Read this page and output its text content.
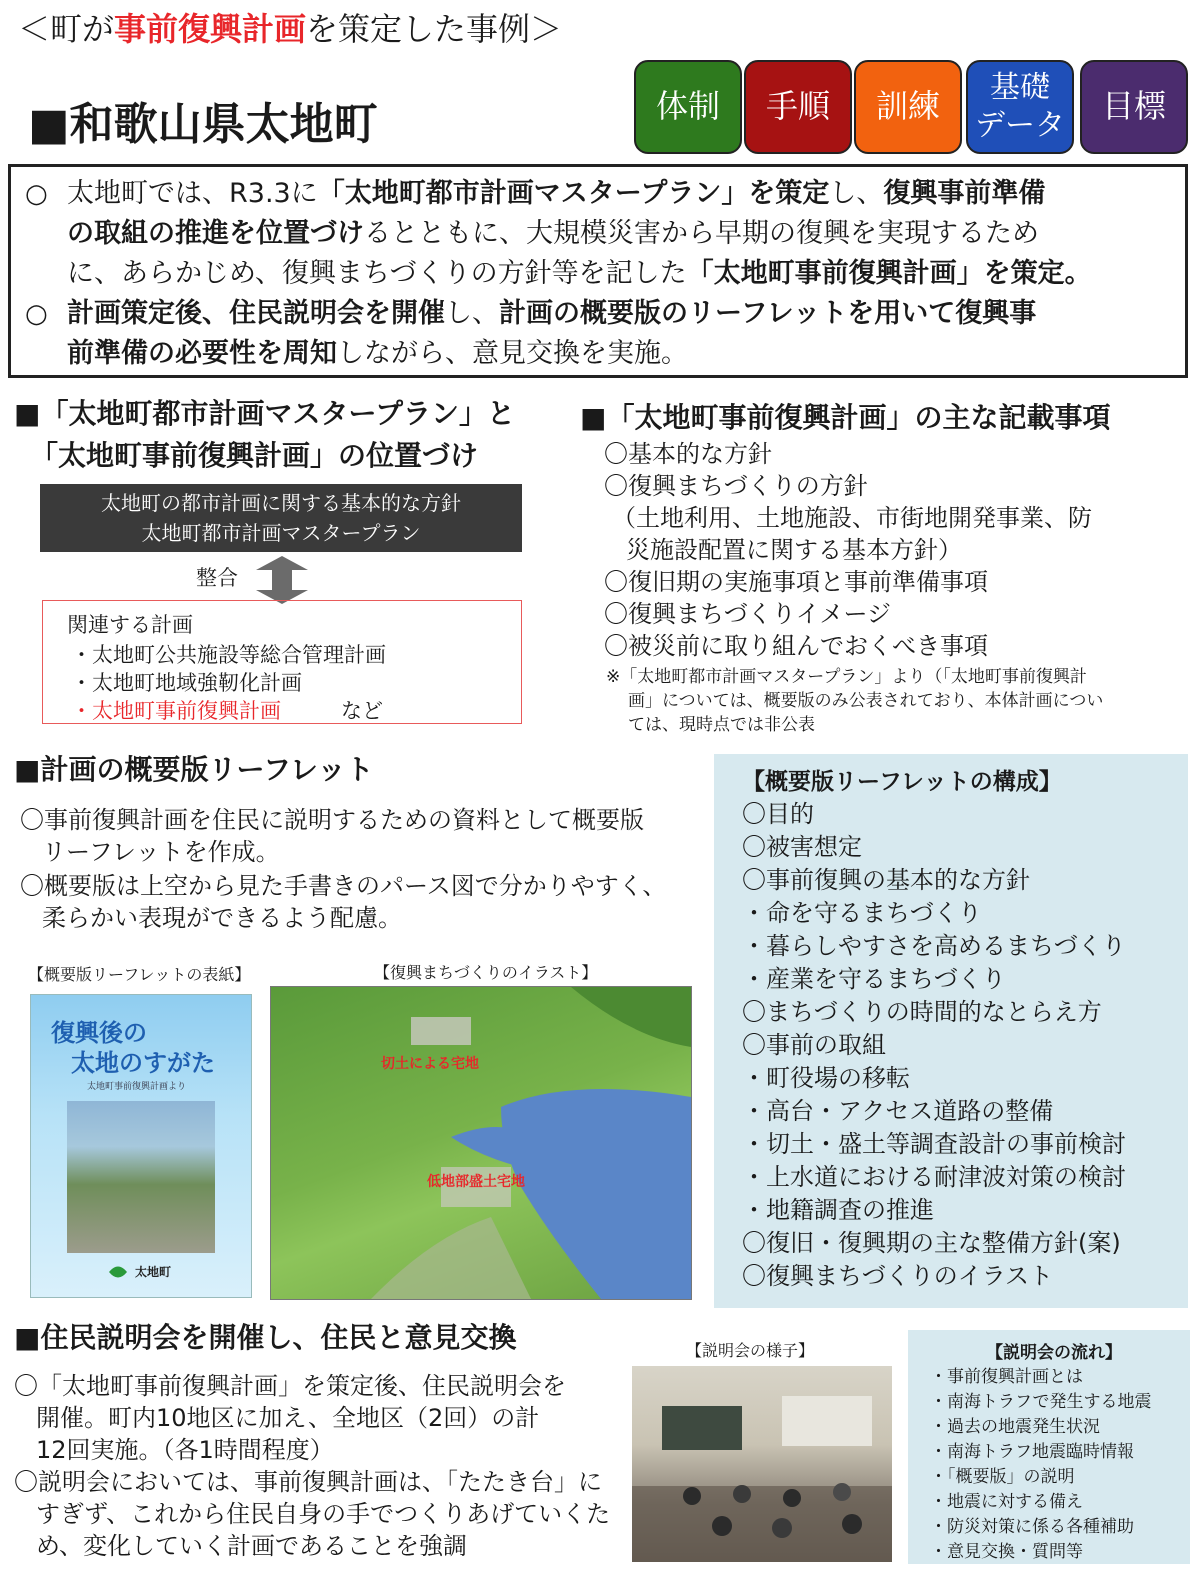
＜町が事前復興計画を策定した事例＞
■和歌山県太地町	体制	手順	訓練	基礎
データ
目標
○ 太地町では、R3.3に「太地町都市計画マスタープラン」を策定し、復興事前準備
の取組の推進を位置づけるとともに、大規模災害から早期の復興を実現するため
に、あらかじめ、復興まちづくりの方針等を記した「太地町事前復興計画」を策定。
○ 計画策定後、住民説明会を開催し、計画の概要版のリーフレットを用いて復興事
前準備の必要性を周知しながら、意見交換を実施。
■「太地町都市計画マスタープラン」と
「太地町事前復興計画」の位置づけ
太地町の都市計画に関する基本的な方針
太地町都市計画マスタープラン
整合
関連する計画
・太地町公共施設等総合管理計画
・太地町地域強靭化計画
・太地町事前復興計画	など
■「太地町事前復興計画」の主な記載事項
〇基本的な方針
〇復興まちづくりの方針
（土地利用、土地施設、市街地開発事業、防
災施設配置に関する基本方針）
〇復旧期の実施事項と事前準備事項
〇復興まちづくりイメージ
〇被災前に取り組んでおくべき事項
※「太地町都市計画マスタープラン」より（「太地町事前復興計
画」については、概要版のみ公表されており、本体計画につい
ては、現時点では非公表
■計画の概要版リーフレット
〇事前復興計画を住民に説明するための資料として概要版
リーフレットを作成。
〇概要版は上空から見た手書きのパース図で分かりやすく、
柔らかい表現ができるよう配慮。
【概要版リーフレットの表紙】	【復興まちづくりのイラスト】
復興後の
太地のすがた
太地町事前復興計画より
太地町
切土による宅地
低地部盛土宅地
【概要版リーフレットの構成】
〇目的
〇被害想定
〇事前復興の基本的な方針
・命を守るまちづくり
・暮らしやすさを高めるまちづくり
・産業を守るまちづくり
〇まちづくりの時間的なとらえ方
〇事前の取組
・町役場の移転
・高台・アクセス道路の整備
・切土・盛土等調査設計の事前検討
・上水道における耐津波対策の検討
・地籍調査の推進
〇復旧・復興期の主な整備方針(案)
〇復興まちづくりのイラスト
■住民説明会を開催し、住民と意見交換
〇「太地町事前復興計画」を策定後、住民説明会を
開催。町内10地区に加え、全地区（2回）の計
12回実施。（各1時間程度）
〇説明会においては、事前復興計画は、「たたき台」に
すぎず、これから住民自身の手でつくりあげていくた
め、変化していく計画であることを強調
【説明会の様子】	【説明会の流れ】
・事前復興計画とは
・南海トラフで発生する地震
・過去の地震発生状況
・南海トラフ地震臨時情報
・「概要版」の説明
・地震に対する備え
・防災対策に係る各種補助
・意見交換・質問等
